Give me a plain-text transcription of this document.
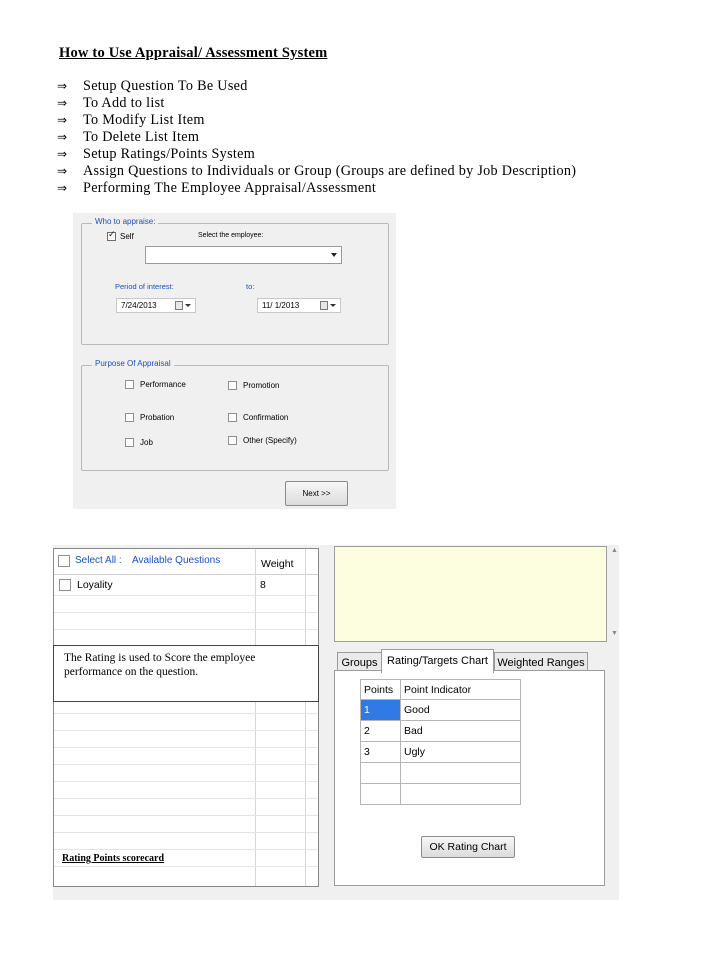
How to Use Appraisal/ Assessment System
⇒	Setup Question To Be Used
⇒	To Add to list
⇒	To Modify List Item
⇒	To Delete List Item
⇒	Setup Ratings/Points System
⇒	Assign Questions to Individuals or Group (Groups are defined by Job Description)
⇒	Performing The Employee Appraisal/Assessment
Who to appraise:
✓
Self	Select the employee:
Period of interest:	to:
7/24/2013	11/ 1/2013
Purpose Of Appraisal
Performance	Promotion
Probation	Confirmation
Job	Other (Specify)
Next >>
Select All : Available Questions	Weight
Loyality	8
▲
▼
Groups Rating/Targets Chart Weighted Ranges
Points	Point Indicator
1	Good
2	Bad
3	Ugly

OK Rating Chart
The Rating is used to Score the employee performance on the question.
Rating Points scorecard
